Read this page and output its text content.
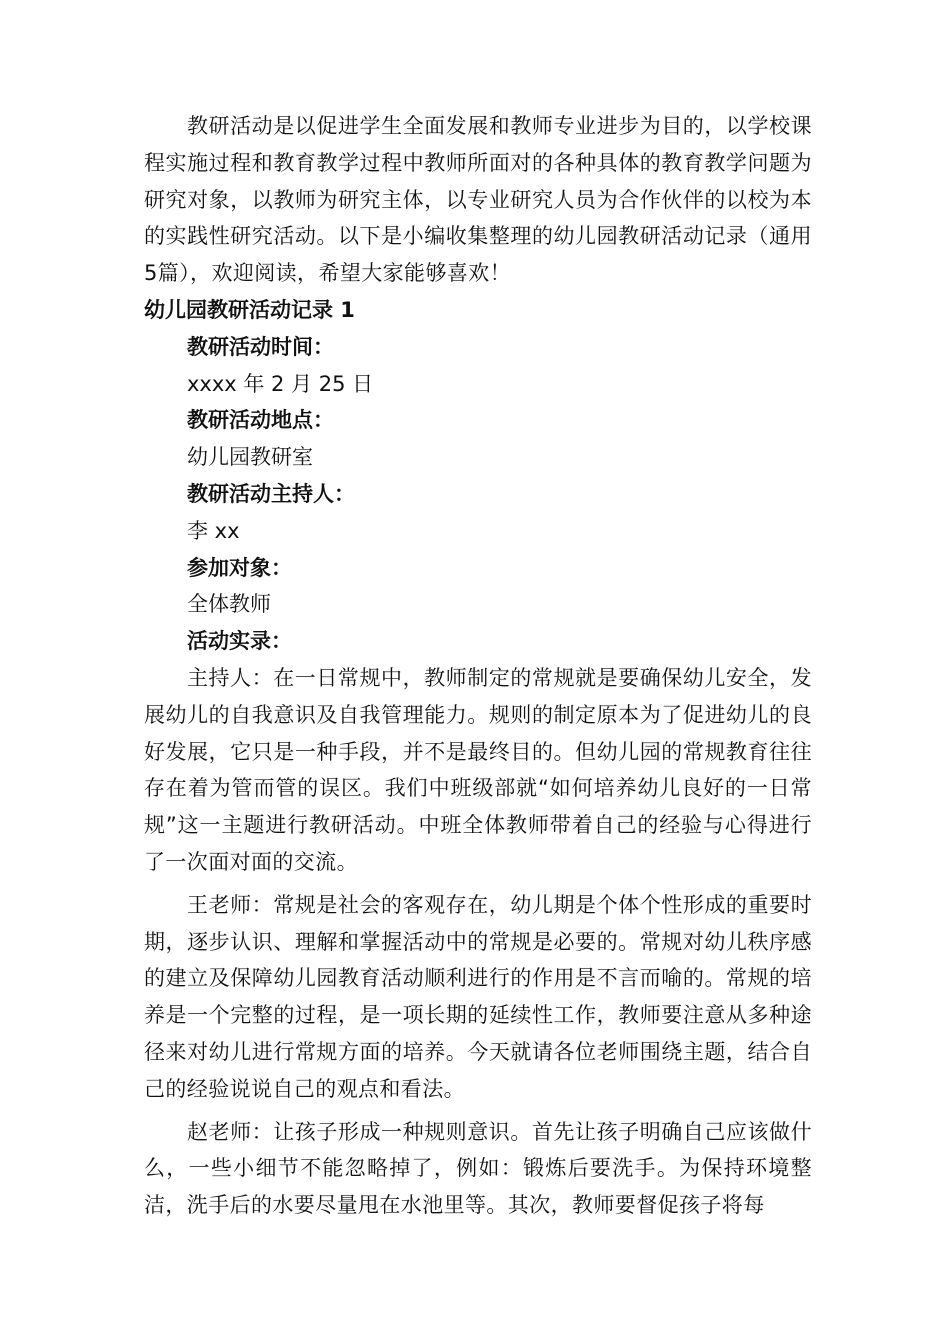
教研活动是以促进学生全面发展和教师专业进步为目的，以学校课程实施过程和教育教学过程中教师所面对的各种具体的教育教学问题为研究对象，以教师为研究主体，以专业研究人员为合作伙伴的以校为本的实践性研究活动。以下是小编收集整理的幼儿园教研活动记录（通用5篇），欢迎阅读，希望大家能够喜欢！

幼儿园教研活动记录 1

教研活动时间：

xxxx 年 2 月 25 日

教研活动地点：

幼儿园教研室

教研活动主持人：

李 xx

参加对象：

全体教师

活动实录：

主持人：在一日常规中，教师制定的常规就是要确保幼儿安全，发展幼儿的自我意识及自我管理能力。规则的制定原本为了促进幼儿的良好发展，它只是一种手段，并不是最终目的。但幼儿园的常规教育往往存在着为管而管的误区。我们中班级部就“如何培养幼儿良好的一日常规”这一主题进行教研活动。中班全体教师带着自己的经验与心得进行了一次面对面的交流。

王老师：常规是社会的客观存在，幼儿期是个体个性形成的重要时期，逐步认识、理解和掌握活动中的常规是必要的。常规对幼儿秩序感的建立及保障幼儿园教育活动顺利进行的作用是不言而喻的。常规的培养是一个完整的过程，是一项长期的延续性工作，教师要注意从多种途径来对幼儿进行常规方面的培养。今天就请各位老师围绕主题，结合自己的经验说说自己的观点和看法。

赵老师：让孩子形成一种规则意识。首先让孩子明确自己应该做什么，一些小细节不能忽略掉了，例如：锻炼后要洗手。为保持环境整洁，洗手后的水要尽量甩在水池里等。其次，教师要督促孩子将每
